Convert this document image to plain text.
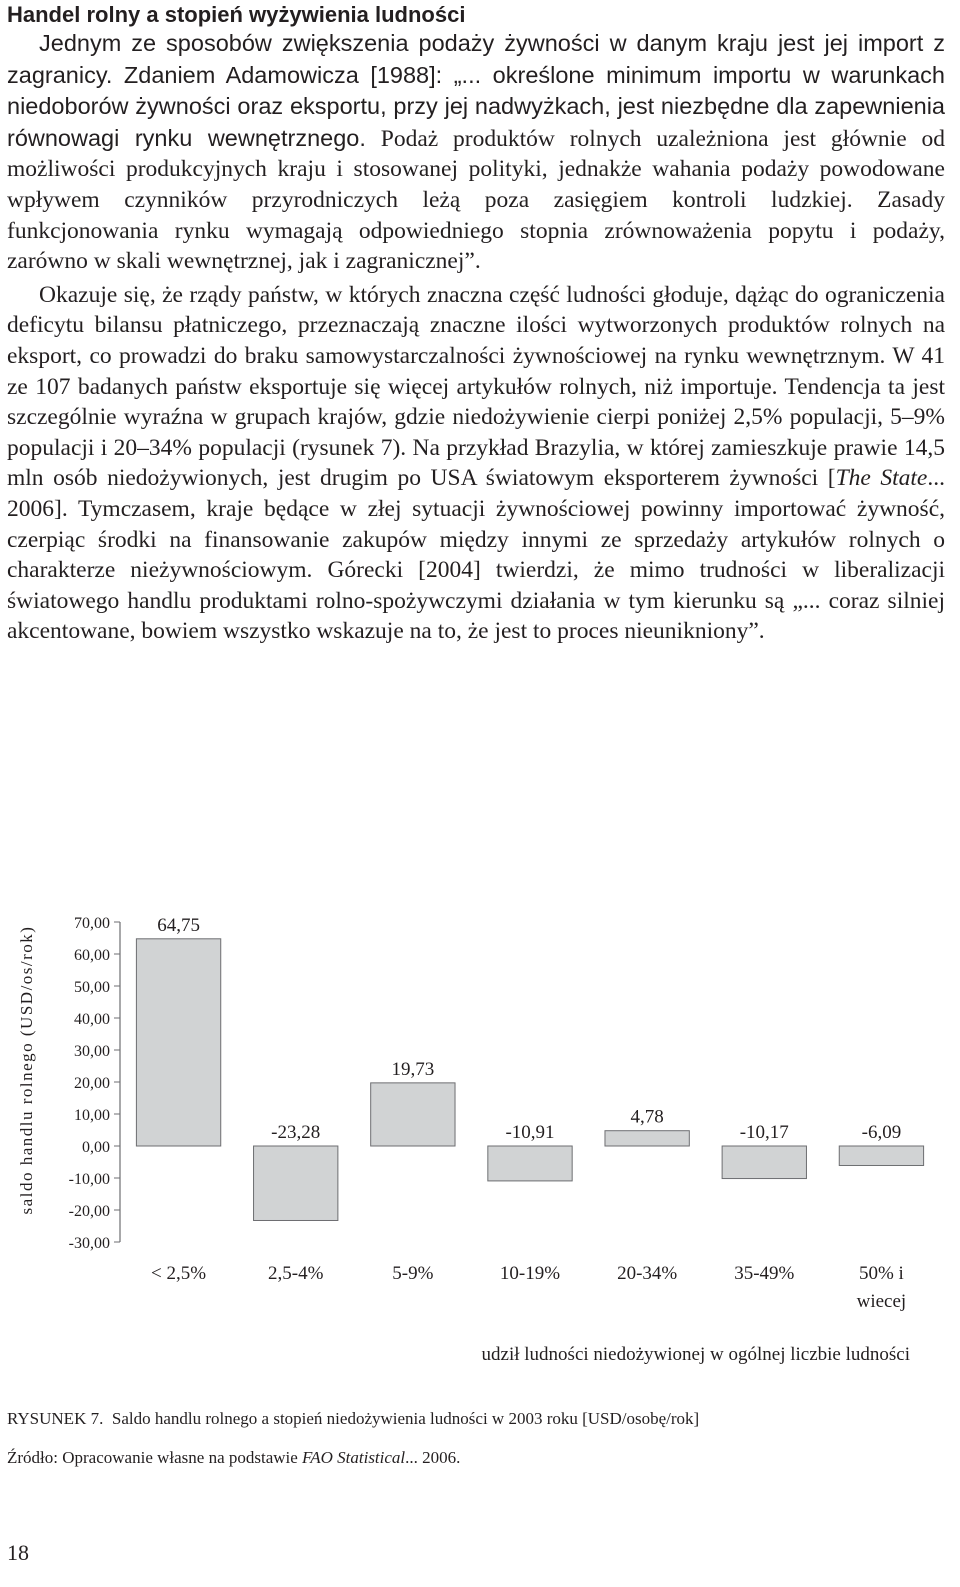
Handel rolny a stopień wyżywienia ludności

Jednym ze sposobów zwiększenia podaży żywności w danym kraju jest jej import z zagranicy. Zdaniem Adamowicza [1988]: „... określone minimum importu w warunkach niedoborów żywności oraz eksportu, przy jej nadwyżkach, jest niezbędne dla zapewnienia równowagi rynku wewnętrznego. Podaż produktów rolnych uzależniona jest głównie od możliwości produkcyjnych kraju i stosowanej polityki, jednakże wahania podaży powodowane wpływem czynników przyrodniczych leżą poza zasięgiem kontroli ludzkiej. Zasady funkcjonowania rynku wymagają odpowiedniego stopnia zrównoważenia popytu i podaży, zarówno w skali wewnętrznej, jak i zagranicznej”.

Okazuje się, że rządy państw, w których znaczna część ludności głoduje, dążąc do ograniczenia deficytu bilansu płatniczego, przeznaczają znaczne ilości wytworzonych produktów rolnych na eksport, co prowadzi do braku samowystarczalności żywnościowej na rynku wewnętrznym. W 41 ze 107 badanych państw eksportuje się więcej artykułów rolnych, niż importuje. Tendencja ta jest szczególnie wyraźna w grupach krajów, gdzie niedożywienie cierpi poniżej 2,5% populacji, 5–9% populacji i 20–34% populacji (rysunek 7). Na przykład Brazylia, w której zamieszkuje prawie 14,5 mln osób niedożywionych, jest drugim po USA światowym eksporterem żywności [The State... 2006]. Tymczasem, kraje będące w złej sytuacji żywnościowej powinny importować żywność, czerpiąc środki na finansowanie zakupów między innymi ze sprzedaży artykułów rolnych o charakterze nieżywnościowym. Górecki [2004] twierdzi, że mimo trudności w liberalizacji światowego handlu produktami rolno-spożywczymi działania w tym kierunku są „... coraz silniej akcentowane, bowiem wszystko wskazuje na to, że jest to proces nieunikniony”.

saldo handlu rolnego (USD/os/rok)
70,00
60,00
50,00
40,00
30,00
20,00
10,00
0,00
-10,00
-20,00
-30,00
64,75
-23,28
19,73
-10,91
4,78
-10,17	-6,09
< 2,5%	2,5-4%	5-9%	10-19%	20-34%	35-49%	50% i
wiecej
udził ludności niedożywionej w ogólnej liczbie ludności

RYSUNEK 7. Saldo handlu rolnego a stopień niedożywienia ludności w 2003 roku [USD/osobę/rok]

Źródło: Opracowanie własne na podstawie FAO Statistical... 2006.

18
